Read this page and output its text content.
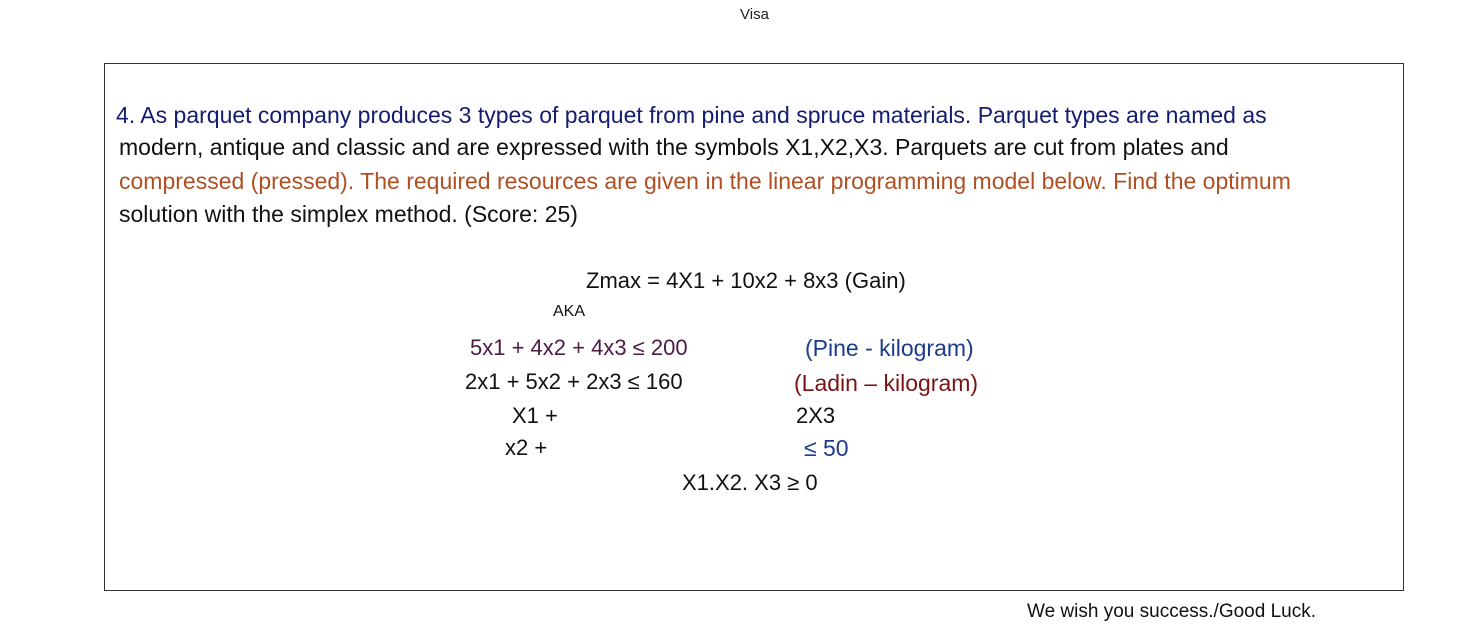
Visa
4. As parquet company produces 3 types of parquet from pine and spruce materials. Parquet types are named as
modern, antique and classic and are expressed with the symbols X1,X2,X3. Parquets are cut from plates and
compressed (pressed). The required resources are given in the linear programming model below. Find the optimum
solution with the simplex method. (Score: 25)
Zmax = 4X1 + 10x2 + 8x3 (Gain)
AKA
5x1 + 4x2 + 4x3 ≤ 200	(Pine - kilogram)
2x1 + 5x2 + 2x3 ≤ 160	(Ladin – kilogram)
X1 +	2X3
x2 +	≤ 50
X1.X2. X3 ≥ 0
We wish you success./Good Luck.
